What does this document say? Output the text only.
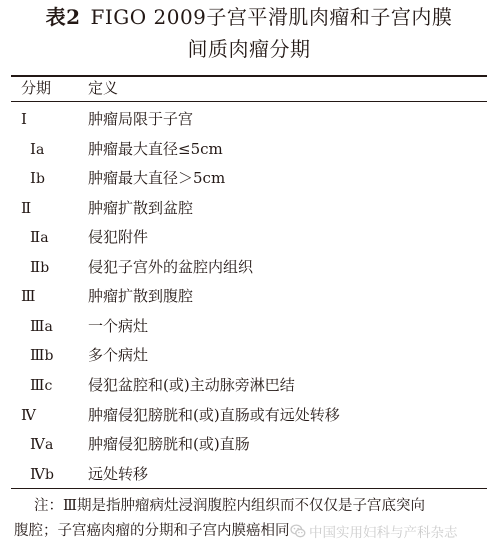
表2 FIGO 2009子宫平滑肌肉瘤和子宫内膜
间质肉瘤分期
分期 定义
Ⅰ	肿瘤局限于子宫
Ⅰa	肿瘤最大直径≤5cm
Ⅰb	肿瘤最大直径＞5cm
Ⅱ	肿瘤扩散到盆腔
Ⅱa	侵犯附件
Ⅱb	侵犯子宫外的盆腔内组织
Ⅲ	肿瘤扩散到腹腔
Ⅲa 一个病灶
Ⅲb 多个病灶
Ⅲc 侵犯盆腔和(或)主动脉旁淋巴结
Ⅳ	肿瘤侵犯膀胱和(或)直肠或有远处转移
Ⅳa 肿瘤侵犯膀胱和(或)直肠
Ⅳb 远处转移
注：Ⅲ期是指肿瘤病灶浸润腹腔内组织而不仅仅是子宫底突向
腹腔；子宫癌肉瘤的分期和子宫内膜癌相同	中国实用妇科与产科杂志
